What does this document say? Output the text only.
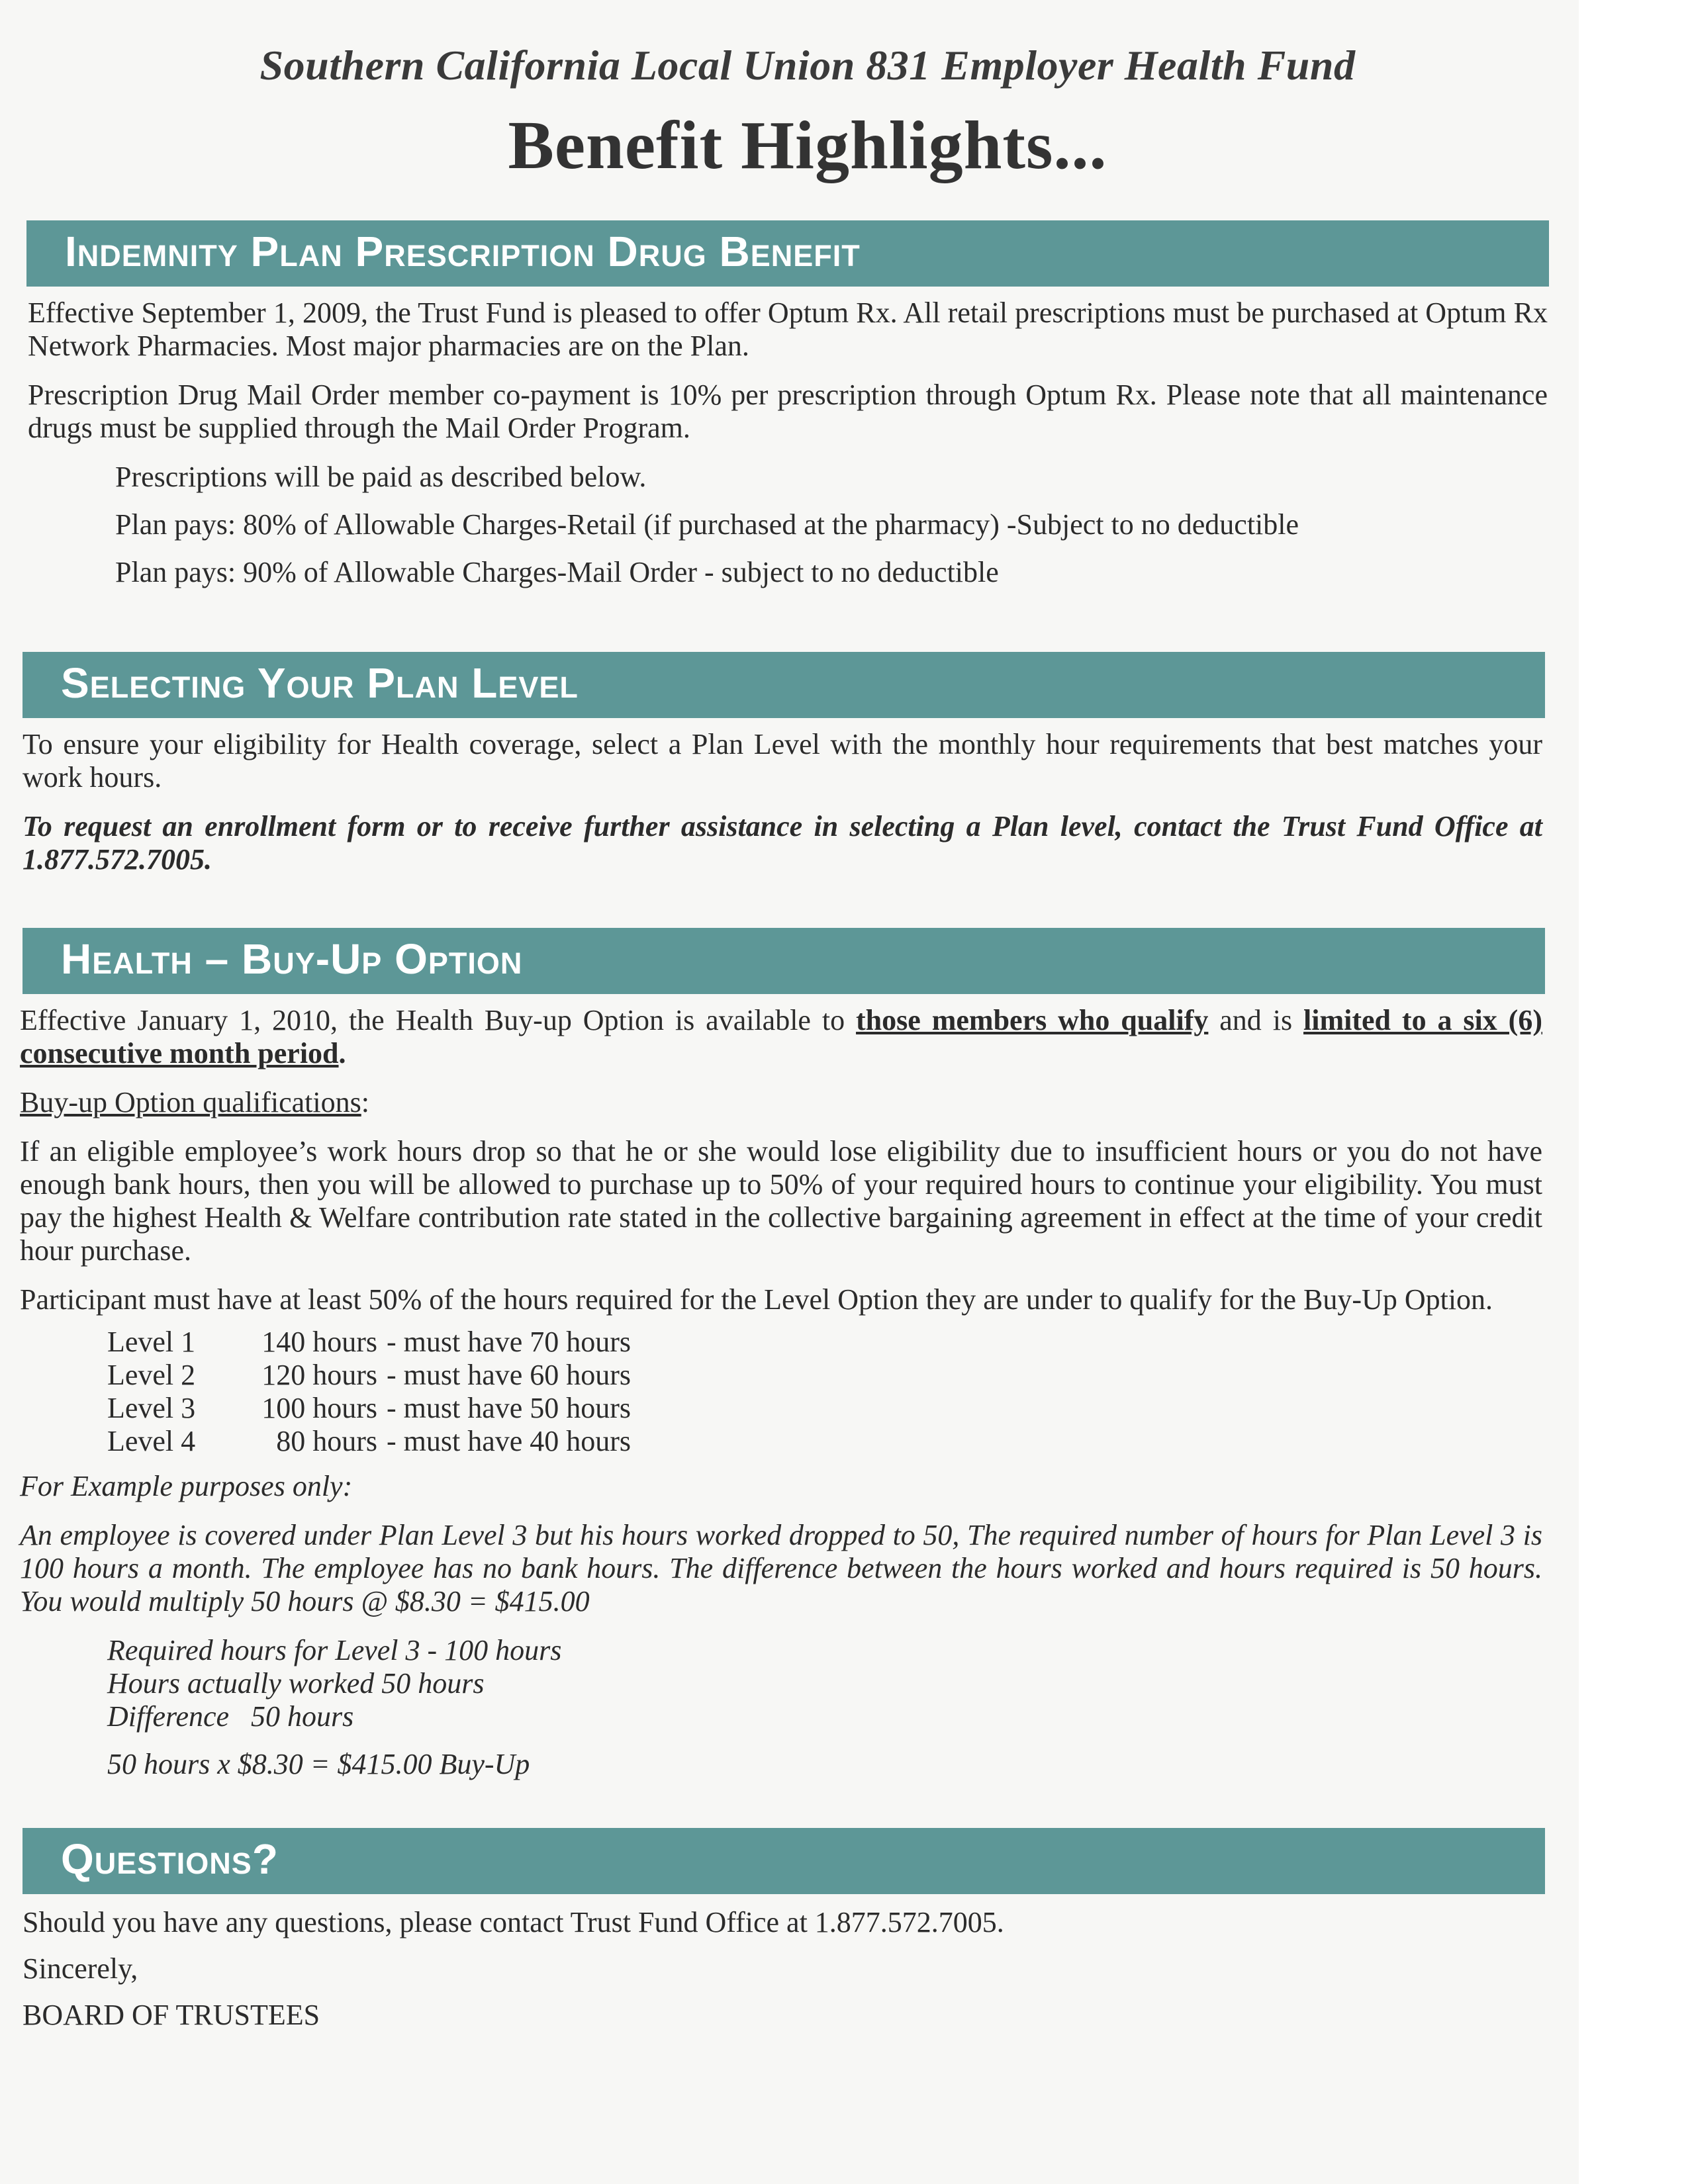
Southern California Local Union 831 Employer Health Fund
Benefit Highlights...
Indemnity Plan Prescription Drug Benefit

Effective September 1, 2009, the Trust Fund is pleased to offer Optum Rx. All retail prescriptions must be purchased at Optum Rx Network Pharmacies. Most major pharmacies are on the Plan.

Prescription Drug Mail Order member co-payment is 10% per prescription through Optum Rx. Please note that all maintenance drugs must be supplied through the Mail Order Program.

Prescriptions will be paid as described below.

Plan pays: 80% of Allowable Charges-Retail (if purchased at the pharmacy) -Subject to no deductible

Plan pays: 90% of Allowable Charges-Mail Order - subject to no deductible

Selecting Your Plan Level

To ensure your eligibility for Health coverage, select a Plan Level with the monthly hour requirements that best matches your work hours.

To request an enrollment form or to receive further assistance in selecting a Plan level, contact the Trust Fund Office at 1.877.572.7005.

Health – Buy-Up Option

Effective January 1, 2010, the Health Buy-up Option is available to those members who qualify and is limited to a six (6) consecutive month period.

Buy-up Option qualifications:

If an eligible employee’s work hours drop so that he or she would lose eligibility due to insufficient hours or you do not have enough bank hours, then you will be allowed to purchase up to 50% of your required hours to continue your eligibility. You must pay the highest Health & Welfare contribution rate stated in the collective bargaining agreement in effect at the time of your credit hour purchase.

Participant must have at least 50% of the hours required for the Level Option they are under to qualify for the Buy-Up Option.

Level 1	140 hours	- must have 70 hours
Level 2	120 hours	- must have 60 hours
Level 3	100 hours	- must have 50 hours
Level 4	80 hours	- must have 40 hours

For Example purposes only:

An employee is covered under Plan Level 3 but his hours worked dropped to 50, The required number of hours for Plan Level 3 is 100 hours a month. The employee has no bank hours. The difference between the hours worked and hours required is 50 hours. You would multiply 50 hours @ $8.30 = $415.00

Required hours for Level 3 - 100 hours

Hours actually worked 50 hours

Difference   50 hours

50 hours x $8.30 = $415.00 Buy-Up

Questions?

Should you have any questions, please contact Trust Fund Office at 1.877.572.7005.

Sincerely,

BOARD OF TRUSTEES
